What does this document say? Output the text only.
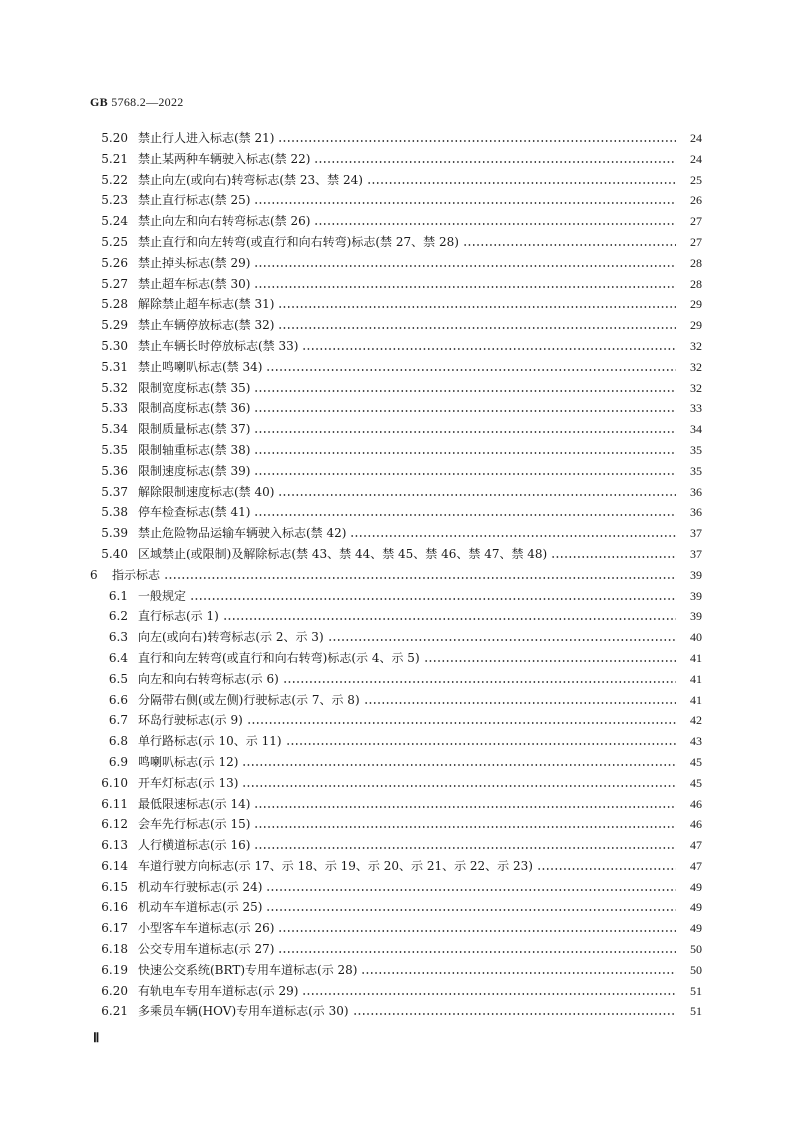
GB 5768.2—2022
5.20 禁止行人进入标志(禁 21)	24
5.21 禁止某两种车辆驶入标志(禁 22)	24
5.22 禁止向左(或向右)转弯标志(禁 23、禁 24)	25
5.23 禁止直行标志(禁 25)	26
5.24 禁止向左和向右转弯标志(禁 26)	27
5.25 禁止直行和向左转弯(或直行和向右转弯)标志(禁 27、禁 28)	27
5.26 禁止掉头标志(禁 29)	28
5.27 禁止超车标志(禁 30)	28
5.28 解除禁止超车标志(禁 31)	29
5.29 禁止车辆停放标志(禁 32)	29
5.30 禁止车辆长时停放标志(禁 33)	32
5.31 禁止鸣喇叭标志(禁 34)	32
5.32 限制宽度标志(禁 35)	32
5.33 限制高度标志(禁 36)	33
5.34 限制质量标志(禁 37)	34
5.35 限制轴重标志(禁 38)	35
5.36 限制速度标志(禁 39)	35
5.37 解除限制速度标志(禁 40)	36
5.38 停车检查标志(禁 41)	36
5.39 禁止危险物品运输车辆驶入标志(禁 42)	37
5.40 区域禁止(或限制)及解除标志(禁 43、禁 44、禁 45、禁 46、禁 47、禁 48)	37
6 指示标志	39
6.1 一般规定	39
6.2 直行标志(示 1)	39
6.3 向左(或向右)转弯标志(示 2、示 3)	40
6.4 直行和向左转弯(或直行和向右转弯)标志(示 4、示 5)	41
6.5 向左和向右转弯标志(示 6)	41
6.6 分隔带右侧(或左侧)行驶标志(示 7、示 8)	41
6.7 环岛行驶标志(示 9)	42
6.8 单行路标志(示 10、示 11)	43
6.9 鸣喇叭标志(示 12)	45
6.10 开车灯标志(示 13)	45
6.11 最低限速标志(示 14)	46
6.12 会车先行标志(示 15)	46
6.13 人行横道标志(示 16)	47
6.14 车道行驶方向标志(示 17、示 18、示 19、示 20、示 21、示 22、示 23)	47
6.15 机动车行驶标志(示 24)	49
6.16 机动车车道标志(示 25)	49
6.17 小型客车车道标志(示 26)	49
6.18 公交专用车道标志(示 27)	50
6.19 快速公交系统(BRT)专用车道标志(示 28)	50
6.20 有轨电车专用车道标志(示 29)	51
6.21 多乘员车辆(HOV)专用车道标志(示 30)	51
Ⅱ
